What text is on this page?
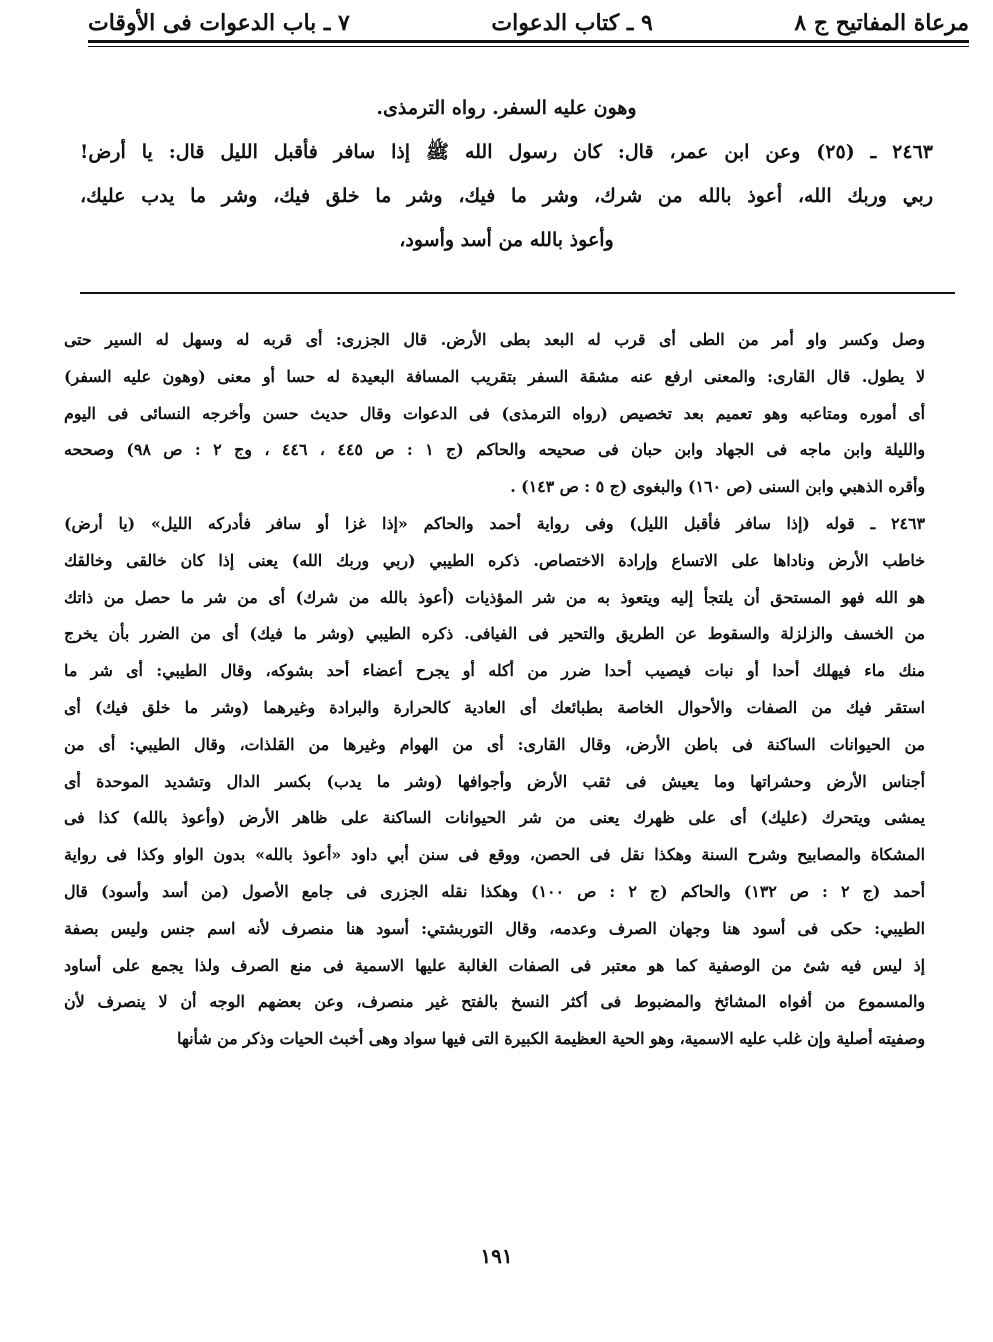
مرعاة المفاتيح ج ٨
٩ ـ كتاب الدعوات
٧ ـ باب الدعوات فى الأوقات

وهون عليه السفر. رواه الترمذى.

٢٤٦٣ ـ (٢٥) وعن ابن عمر، قال: كان رسول الله ﷺ إذا سافر فأقبل الليل قال: يا أرض!

ربي وربك الله، أعوذ بالله من شرك، وشر ما فيك، وشر ما خلق فيك، وشر ما يدب عليك،

وأعوذ بالله من أسد وأسود،

وصل وكسر واو أمر من الطى أى قرب له البعد بطى الأرض. قال الجزرى: أى قربه له وسهل له السير حتى

لا يطول. قال القارى: والمعنى ارفع عنه مشقة السفر بتقريب المسافة البعيدة له حسا أو معنى (وهون عليه السفر)

أى أموره ومتاعبه وهو تعميم بعد تخصيص (رواه الترمذى) فى الدعوات وقال حديث حسن وأخرجه النسائى فى اليوم

والليلة وابن ماجه فى الجهاد وابن حبان فى صحيحه والحاكم (ج ١ : ص ٤٤٥ ، ٤٤٦ ، وج ٢ : ص ٩٨) وصححه

وأقره الذهبي وابن السنى (ص ١٦٠) والبغوى (ج ٥ : ص ١٤٣) .

٢٤٦٣ ـ قوله (إذا سافر فأقبل الليل) وفى رواية أحمد والحاكم «إذا غزا أو سافر فأدركه الليل» (يا أرض)

خاطب الأرض وناداها على الاتساع وإرادة الاختصاص. ذكره الطيبي (ربي وربك الله) يعنى إذا كان خالقى وخالقك

هو الله فهو المستحق أن يلتجأ إليه ويتعوذ به من شر المؤذيات (أعوذ بالله من شرك) أى من شر ما حصل من ذاتك

من الخسف والزلزلة والسقوط عن الطريق والتحير فى الفيافى. ذكره الطيبي (وشر ما فيك) أى من الضرر بأن يخرج

منك ماء فيهلك أحدا أو نبات فيصيب أحدا ضرر من أكله أو يجرح أعضاء أحد بشوكه، وقال الطيبي: أى شر ما

استقر فيك من الصفات والأحوال الخاصة بطبائعك أى العادية كالحرارة والبرادة وغيرهما (وشر ما خلق فيك) أى

من الحيوانات الساكنة فى باطن الأرض، وقال القارى: أى من الهوام وغيرها من القلذات، وقال الطيبي: أى من

أجناس الأرض وحشراتها وما يعيش فى ثقب الأرض وأجوافها (وشر ما يدب) بكسر الدال وتشديد الموحدة أى

يمشى ويتحرك (عليك) أى على ظهرك يعنى من شر الحيوانات الساكنة على ظاهر الأرض (وأعوذ بالله) كذا فى

المشكاة والمصابيح وشرح السنة وهكذا نقل فى الحصن، ووقع فى سنن أبي داود «أعوذ بالله» بدون الواو وكذا فى رواية

أحمد (ج ٢ : ص ١٣٢) والحاكم (ج ٢ : ص ١٠٠) وهكذا نقله الجزرى فى جامع الأصول (من أسد وأسود) قال

الطيبي: حكى فى أسود هنا وجهان الصرف وعدمه، وقال التوربشتي: أسود هنا منصرف لأنه اسم جنس وليس بصفة

إذ ليس فيه شئ من الوصفية كما هو معتبر فى الصفات الغالبة عليها الاسمية فى منع الصرف ولذا يجمع على أساود

والمسموع من أفواه المشائخ والمضبوط فى أكثر النسخ بالفتح غير منصرف، وعن بعضهم الوجه أن لا ينصرف لأن

وصفيته أصلية وإن غلب عليه الاسمية، وهو الحية العظيمة الكبيرة التى فيها سواد وهى أخبث الحيات وذكر من شأنها

١٩١
